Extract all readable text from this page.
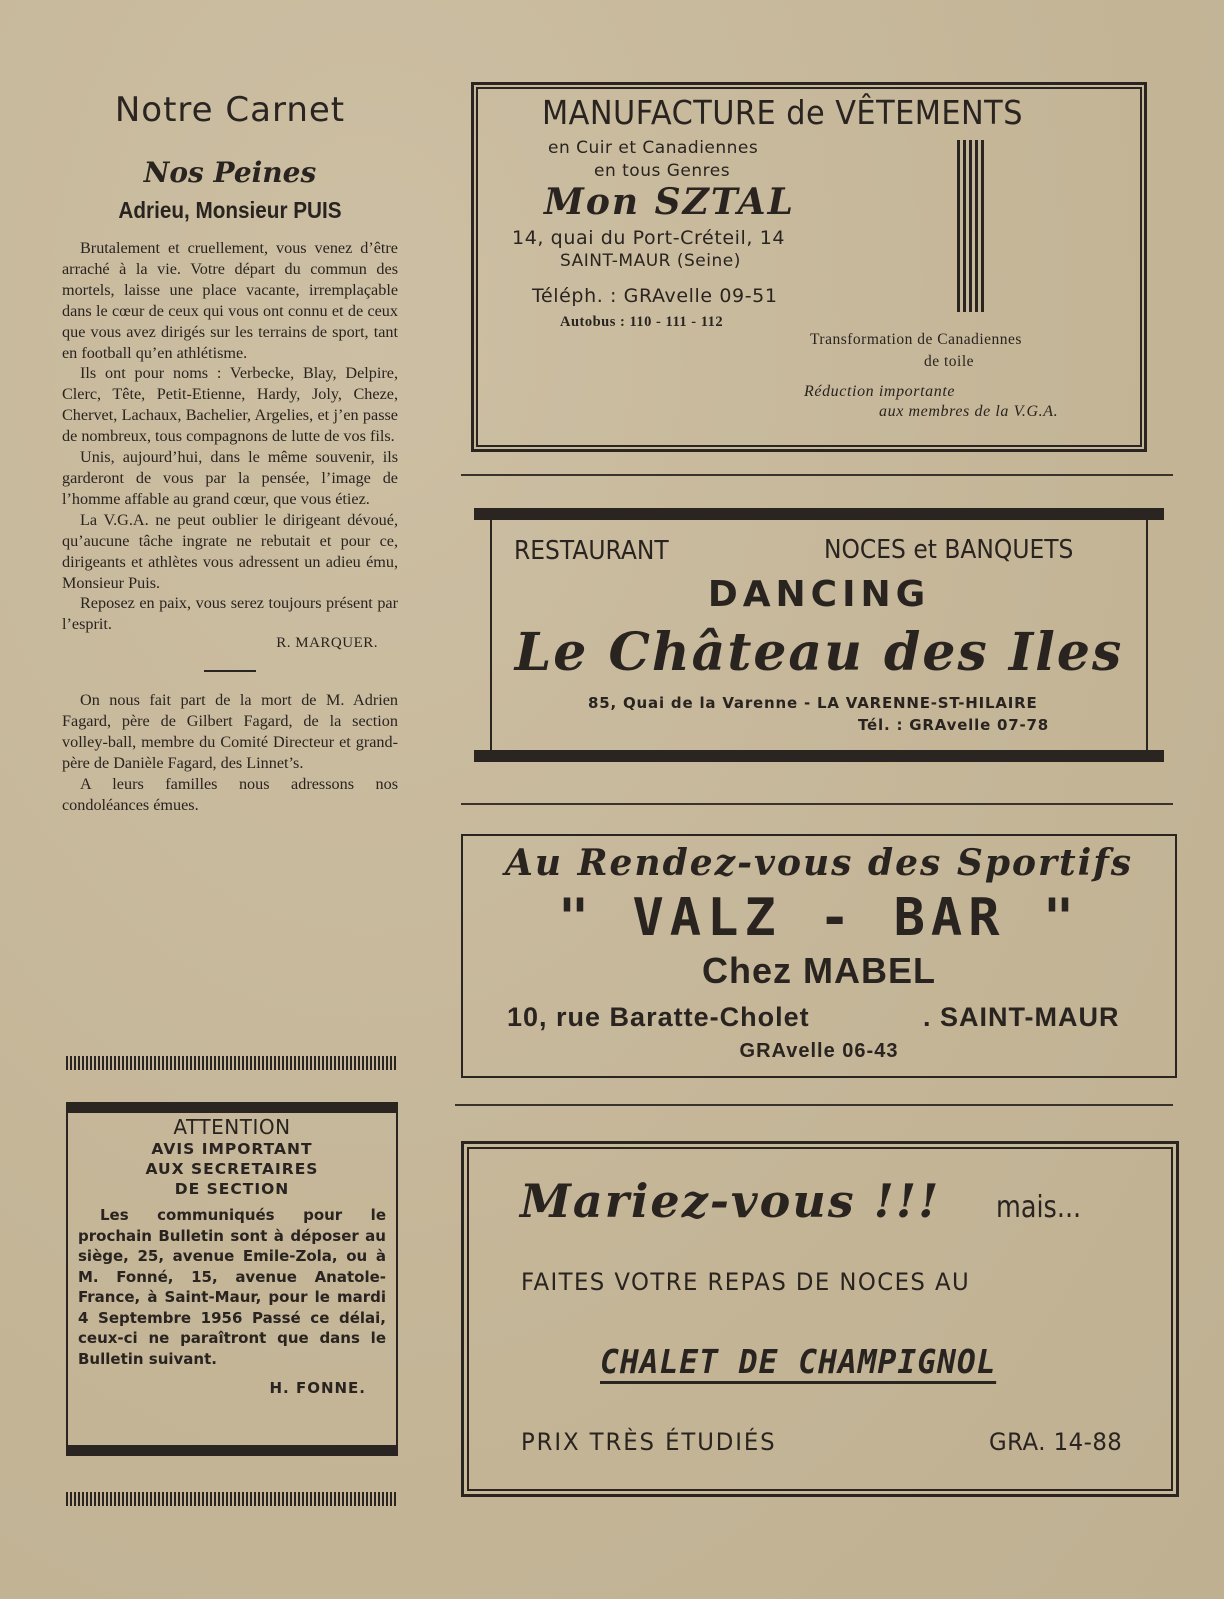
Notre Carnet
Nos Peines
Adrieu, Monsieur PUIS

Brutalement et cruellement, vous venez d’être arraché à la vie. Votre départ du commun des mortels, laisse une place vacante, irremplaçable dans le cœur de ceux qui vous ont connu et de ceux que vous avez dirigés sur les terrains de sport, tant en football qu’en athlétisme.

Ils ont pour noms : Verbecke, Blay, Delpire, Clerc, Tête, Petit-Etienne, Hardy, Joly, Cheze, Chervet, Lachaux, Bachelier, Argelies, et j’en passe de nombreux, tous compagnons de lutte de vos fils.

Unis, aujourd’hui, dans le même souvenir, ils garderont de vous par la pensée, l’image de l’homme affable au grand cœur, que vous étiez.

La V.G.A. ne peut oublier le dirigeant dévoué, qu’aucune tâche ingrate ne rebutait et pour ce, dirigeants et athlètes vous adressent un adieu ému, Monsieur Puis.

Reposez en paix, vous serez toujours présent par l’esprit.

R. MARQUER.

On nous fait part de la mort de M. Adrien Fagard, père de Gilbert Fagard, de la section volley-ball, membre du Comité Directeur et grand-père de Danièle Fagard, des Linnet’s.

A leurs familles nous adressons nos condoléances émues.

ATTENTION
AVIS IMPORTANT
AUX SECRETAIRES
DE SECTION
Les communiqués pour le prochain Bulletin sont à déposer au siège, 25, avenue Emile-Zola, ou à M. Fonné, 15, avenue Anatole-France, à Saint-Maur, pour le mardi 4 Septembre 1956 Passé ce délai, ceux-ci ne paraîtront que dans le Bulletin suivant.
H. FONNE.
MANUFACTURE de VÊTEMENTS
en Cuir et Canadiennes
en tous Genres
Mon SZTAL
14, quai du Port-Créteil, 14
SAINT-MAUR (Seine)
Téléph. : GRAvelle 09-51
Autobus : 110 - 111 - 112
Transformation de Canadiennes
de toile
Réduction importante
aux membres de la V.G.A.
RESTAURANT	NOCES et BANQUETS
DANCING
Le Château des Iles
85, Quai de la Varenne - LA VARENNE-ST-HILAIRE
Tél. : GRAvelle 07-78
Au Rendez-vous des Sportifs
" VALZ - BAR "
Chez MABEL
10, rue Baratte-Cholet	. SAINT-MAUR
GRAvelle 06-43
Mariez-vous !!! mais...
FAITES VOTRE REPAS DE NOCES AU
CHALET DE CHAMPIGNOL
PRIX TRÈS ÉTUDIÉS	GRA. 14-88
